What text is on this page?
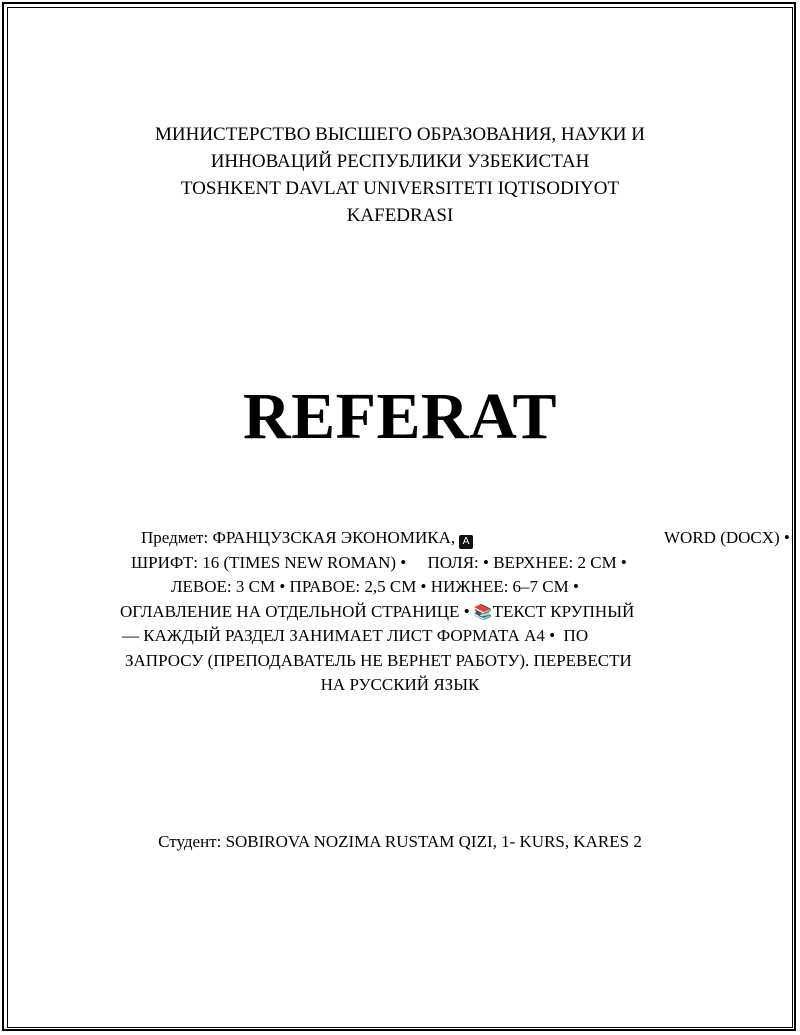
МИНИСТЕРСТВО ВЫСШЕГО ОБРАЗОВАНИЯ, НАУКИ И
ИННОВАЦИЙ РЕСПУБЛИКИ УЗБЕКИСТАН
TOSHKENT DAVLAT UNIVERSITETI IQTISODIYOT
KAFEDRASI
REFERAT
Предмет: ФРАНЦУЗСКАЯ ЭКОНОМИКА, A	WORD (DOCX) •
ШРИФТ: 16 (TIMES NEW ROMAN) •     ПОЛЯ: • ВЕРХНЕЕ: 2 СМ •
ЛЕВОЕ: 3 СМ • ПРАВОЕ: 2,5 СМ • НИЖНЕЕ: 6–7 СМ •
ОГЛАВЛЕНИЕ НА ОТДЕЛЬНОЙ СТРАНИЦЕ • 📚ТЕКСТ КРУПНЫЙ
— КАЖДЫЙ РАЗДЕЛ ЗАНИМАЕТ ЛИСТ ФОРМАТА А4 •  ПО
ЗАПРОСУ (ПРЕПОДАВАТЕЛЬ НЕ ВЕРНЕТ РАБОТУ). ПЕРЕВЕСТИ
НА РУССКИЙ ЯЗЫК
Студент: SOBIROVA NOZIMA RUSTAM QIZI, 1- KURS, KARES 2
